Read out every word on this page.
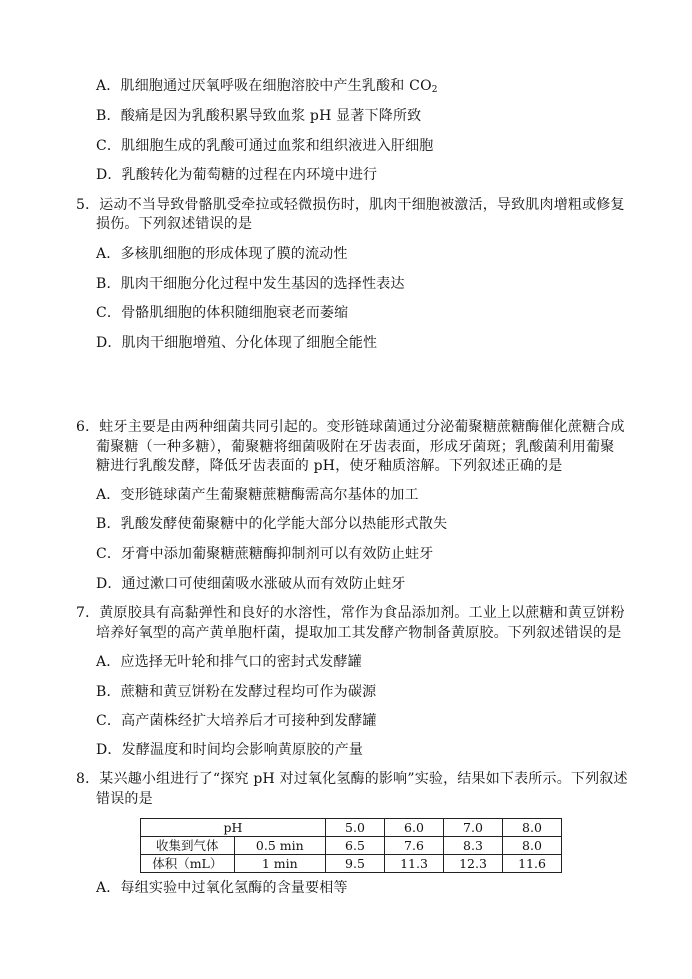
A．肌细胞通过厌氧呼吸在细胞溶胶中产生乳酸和 $CO_2$
B．酸痛是因为乳酸积累导致血浆 pH 显著下降所致
C．肌细胞生成的乳酸可通过血浆和组织液进入肝细胞
D．乳酸转化为葡萄糖的过程在内环境中进行
5．运动不当导致骨骼肌受牵拉或轻微损伤时，肌肉干细胞被激活，导致肌肉增粗或修复
损伤。下列叙述错误的是
A．多核肌细胞的形成体现了膜的流动性
B．肌肉干细胞分化过程中发生基因的选择性表达
C．骨骼肌细胞的体积随细胞衰老而萎缩
D．肌肉干细胞增殖、分化体现了细胞全能性
6．蛀牙主要是由两种细菌共同引起的。变形链球菌通过分泌葡聚糖蔗糖酶催化蔗糖合成
葡聚糖（一种多糖），葡聚糖将细菌吸附在牙齿表面，形成牙菌斑；乳酸菌利用葡聚
糖进行乳酸发酵，降低牙齿表面的 pH，使牙釉质溶解。下列叙述正确的是
A．变形链球菌产生葡聚糖蔗糖酶需高尔基体的加工
B．乳酸发酵使葡聚糖中的化学能大部分以热能形式散失
C．牙膏中添加葡聚糖蔗糖酶抑制剂可以有效防止蛀牙
D．通过漱口可使细菌吸水涨破从而有效防止蛀牙
7．黄原胶具有高黏弹性和良好的水溶性，常作为食品添加剂。工业上以蔗糖和黄豆饼粉
培养好氧型的高产黄单胞杆菌，提取加工其发酵产物制备黄原胶。下列叙述错误的是
A．应选择无叶轮和排气口的密封式发酵罐
B．蔗糖和黄豆饼粉在发酵过程均可作为碳源
C．高产菌株经扩大培养后才可接种到发酵罐
D．发酵温度和时间均会影响黄原胶的产量
8．某兴趣小组进行了“探究 pH 对过氧化氢酶的影响”实验，结果如下表所示。下列叙述
错误的是
pH		5.0	6.0	7.0	8.0
收集到气体	0.5 min	6.5	7.6	8.3	8.0
体积（mL）	1 min	9.5	11.3	12.3	11.6
A．每组实验中过氧化氢酶的含量要相等
